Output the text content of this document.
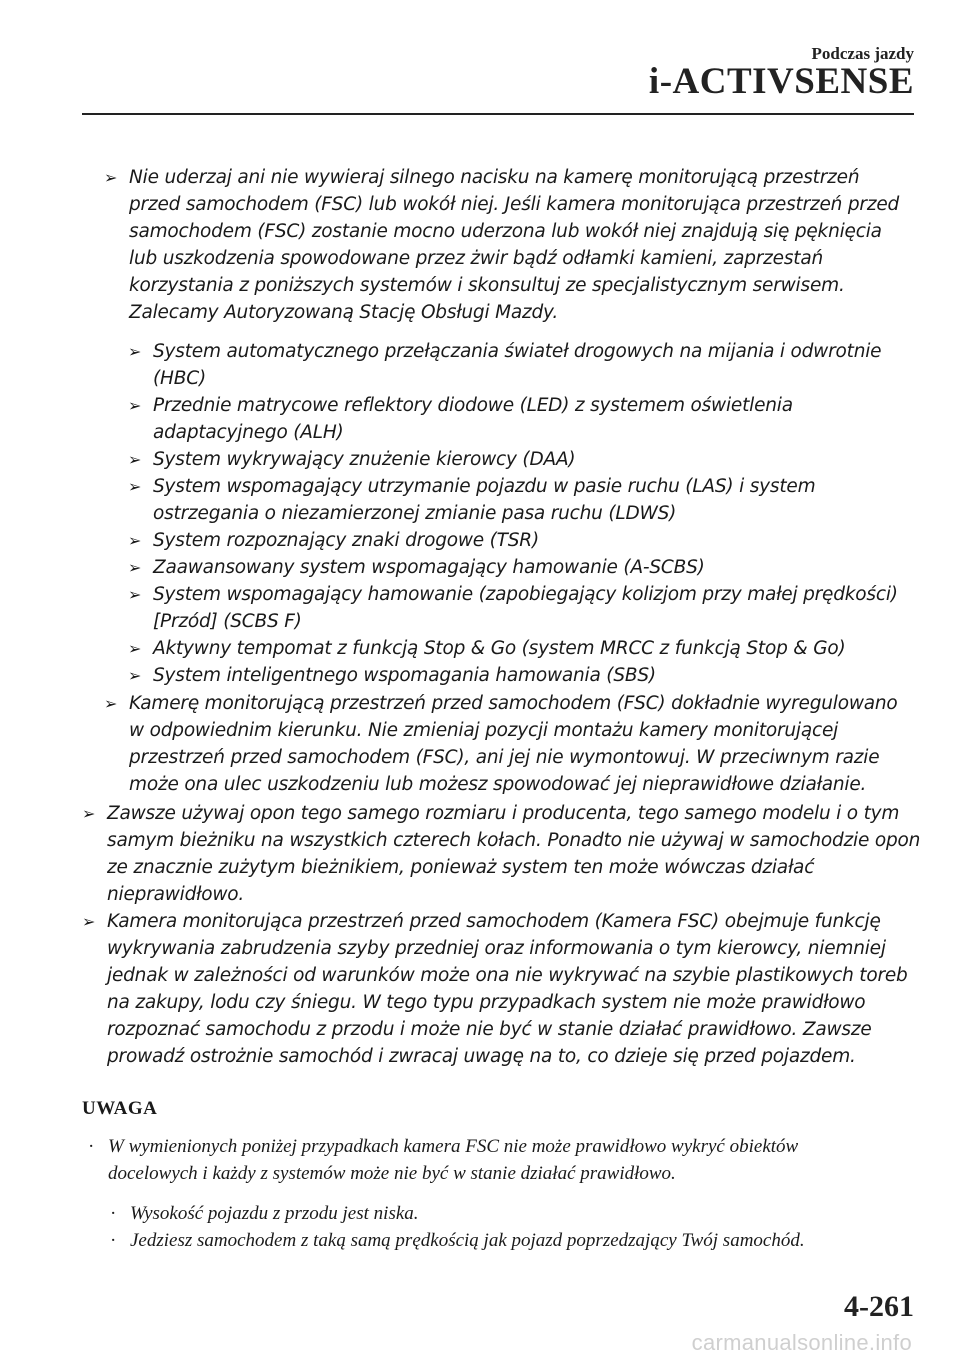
Podczas jazdy
i-ACTIVSENSE
➢ Nie uderzaj ani nie wywieraj silnego nacisku na kamerę monitorującą przestrzeń przed samochodem (FSC) lub wokół niej. Jeśli kamera monitorująca przestrzeń przed samochodem (FSC) zostanie mocno uderzona lub wokół niej znajdują się pęknięcia lub uszkodzenia spowodowane przez żwir bądź odłamki kamieni, zaprzestań korzystania z poniższych systemów i skonsultuj ze specjalistycznym serwisem. Zalecamy Autoryzowaną Stację Obsługi Mazdy.
➢ System automatycznego przełączania świateł drogowych na mijania i odwrotnie (HBC)
➢ Przednie matrycowe reflektory diodowe (LED) z systemem oświetlenia adaptacyjnego (ALH)
➢ System wykrywający znużenie kierowcy (DAA)
➢ System wspomagający utrzymanie pojazdu w pasie ruchu (LAS) i system ostrzegania o niezamierzonej zmianie pasa ruchu (LDWS)
➢ System rozpoznający znaki drogowe (TSR)
➢ Zaawansowany system wspomagający hamowanie (A-SCBS)
➢ System wspomagający hamowanie (zapobiegający kolizjom przy małej prędkości) [Przód] (SCBS F)
➢ Aktywny tempomat z funkcją Stop & Go (system MRCC z funkcją Stop & Go)
➢ System inteligentnego wspomagania hamowania (SBS)
➢ Kamerę monitorującą przestrzeń przed samochodem (FSC) dokładnie wyregulowano w odpowiednim kierunku. Nie zmieniaj pozycji montażu kamery monitorującej przestrzeń przed samochodem (FSC), ani jej nie wymontowuj. W przeciwnym razie może ona ulec uszkodzeniu lub możesz spowodować jej nieprawidłowe działanie.
➢ Zawsze używaj opon tego samego rozmiaru i producenta, tego samego modelu i o tym samym bieżniku na wszystkich czterech kołach. Ponadto nie używaj w samochodzie opon ze znacznie zużytym bieżnikiem, ponieważ system ten może wówczas działać nieprawidłowo.
➢ Kamera monitorująca przestrzeń przed samochodem (Kamera FSC) obejmuje funkcję wykrywania zabrudzenia szyby przedniej oraz informowania o tym kierowcy, niemniej jednak w zależności od warunków może ona nie wykrywać na szybie plastikowych toreb na zakupy, lodu czy śniegu. W tego typu przypadkach system nie może prawidłowo rozpoznać samochodu z przodu i może nie być w stanie działać prawidłowo. Zawsze prowadź ostrożnie samochód i zwracaj uwagę na to, co dzieje się przed pojazdem.
UWAGA
· W wymienionych poniżej przypadkach kamera FSC nie może prawidłowo wykryć obiektów docelowych i każdy z systemów może nie być w stanie działać prawidłowo.
· Wysokość pojazdu z przodu jest niska.
· Jedziesz samochodem z taką samą prędkością jak pojazd poprzedzający Twój samochód.
4-261
carmanualsonline.info
